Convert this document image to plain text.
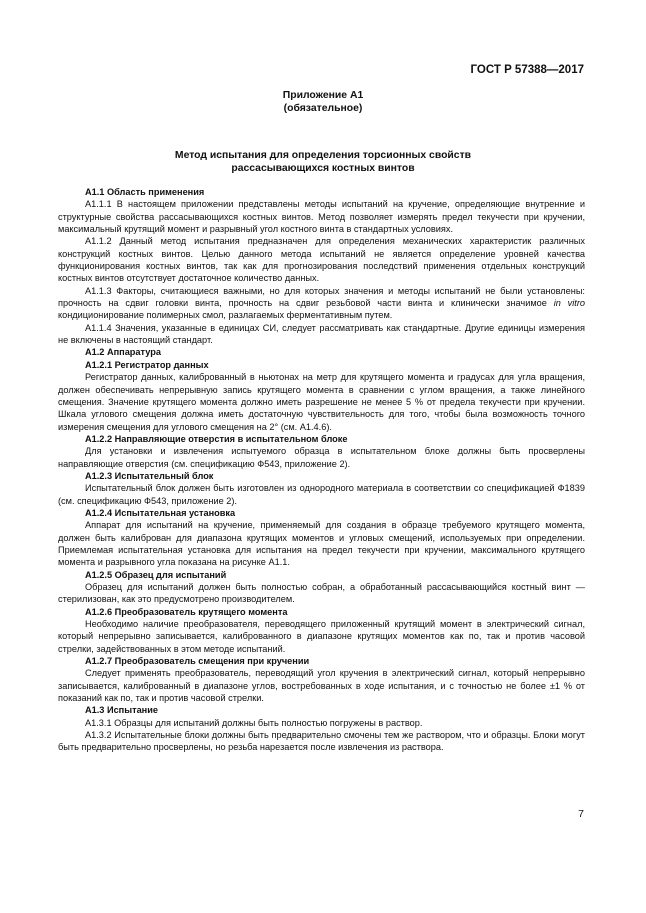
ГОСТ Р 57388—2017
Приложение А1
(обязательное)
Метод испытания для определения торсионных свойств
рассасывающихся костных винтов
А1.1 Область применения

А1.1.1 В настоящем приложении представлены методы испытаний на кручение, определяющие внутренние и структурные свойства рассасывающихся костных винтов. Метод позволяет измерять предел текучести при кручении, максимальный крутящий момент и разрывный угол костного винта в стандартных условиях.

А1.1.2 Данный метод испытания предназначен для определения механических характеристик различных конструкций костных винтов. Целью данного метода испытаний не является определение уровней качества функционирования костных винтов, так как для прогнозирования последствий применения отдельных конструкций костных винтов отсутствует достаточное количество данных.

А1.1.3 Факторы, считающиеся важными, но для которых значения и методы испытаний не были установлены: прочность на сдвиг головки винта, прочность на сдвиг резьбовой части винта и клинически значимое in vitro кондиционирование полимерных смол, разлагаемых ферментативным путем.

А1.1.4 Значения, указанные в единицах СИ, следует рассматривать как стандартные. Другие единицы измерения не включены в настоящий стандарт.

А1.2 Аппаратура
А1.2.1 Регистратор данных

Регистратор данных, калиброванный в ньютонах на метр для крутящего момента и градусах для угла вращения, должен обеспечивать непрерывную запись крутящего момента в сравнении с углом вращения, а также линейного смещения. Значение крутящего момента должно иметь разрешение не менее 5 % от предела текучести при кручении. Шкала углового смещения должна иметь достаточную чувствительность для того, чтобы была возможность точного измерения смещения для углового смещения на 2° (см. А1.4.6).

А1.2.2 Направляющие отверстия в испытательном блоке

Для установки и извлечения испытуемого образца в испытательном блоке должны быть просверлены направляющие отверстия (см. спецификацию Ф543, приложение 2).

А1.2.3 Испытательный блок

Испытательный блок должен быть изготовлен из однородного материала в соответствии со спецификацией Ф1839 (см. спецификацию Ф543, приложение 2).

А1.2.4 Испытательная установка

Аппарат для испытаний на кручение, применяемый для создания в образце требуемого крутящего момента, должен быть калиброван для диапазона крутящих моментов и угловых смещений, используемых при определении. Приемлемая испытательная установка для испытания на предел текучести при кручении, максимального крутящего момента и разрывного угла показана на рисунке А1.1.

А1.2.5 Образец для испытаний

Образец для испытаний должен быть полностью собран, а обработанный рассасывающийся костный винт — стерилизован, как это предусмотрено производителем.

А1.2.6 Преобразователь крутящего момента

Необходимо наличие преобразователя, переводящего приложенный крутящий момент в электрический сигнал, который непрерывно записывается, калиброванного в диапазоне крутящих моментов как по, так и против часовой стрелки, задействованных в этом методе испытаний.

А1.2.7 Преобразователь смещения при кручении

Следует применять преобразователь, переводящий угол кручения в электрический сигнал, который непрерывно записывается, калиброванный в диапазоне углов, востребованных в ходе испытания, и с точностью не более ±1 % от показаний как по, так и против часовой стрелки.

А1.3 Испытание

А1.3.1 Образцы для испытаний должны быть полностью погружены в раствор.

А1.3.2 Испытательные блоки должны быть предварительно смочены тем же раствором, что и образцы. Блоки могут быть предварительно просверлены, но резьба нарезается после извлечения из раствора.

7
